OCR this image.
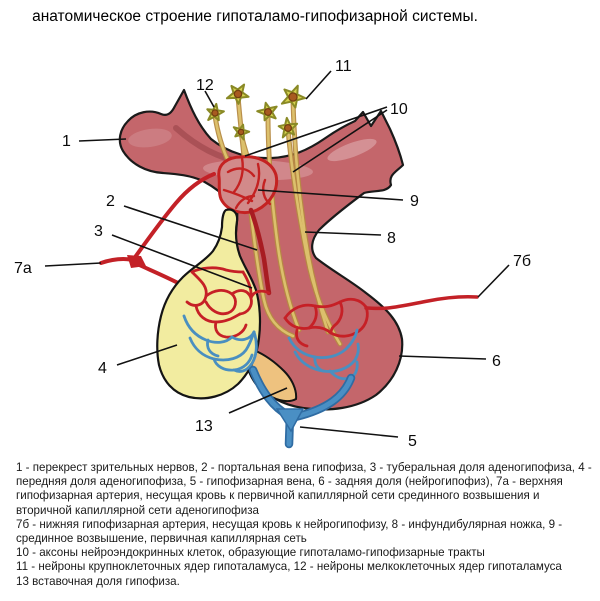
анатомическое строение гипоталамо-гипофизарной системы.
1
2
3
4
5
6
7а	7б
8
9
10
11
12
13

1 - перекрест зрительных нервов, 2 - портальная вена гипофиза, 3 - туберальная доля аденогипофиза, 4 - передняя доля аденогипофиза, 5 - гипофизарная вена, 6 - задняя доля (нейрогипофиз), 7а - верхняя гипофизарная артерия, несущая кровь к первичной капиллярной сети срединного возвышения и вторичной капиллярной сети аденогипофиза

7б - нижняя гипофизарная артерия, несущая кровь к нейрогипофизу, 8 - инфундибулярная ножка, 9 - срединное возвышение, первичная капиллярная сеть

10 - аксоны нейроэндокринных клеток, образующие гипоталамо-гипофизарные тракты

11 - нейроны крупноклеточных ядер гипоталамуса, 12 - нейроны мелкоклеточных ядер гипоталамуса

13 вставочная доля гипофиза.
